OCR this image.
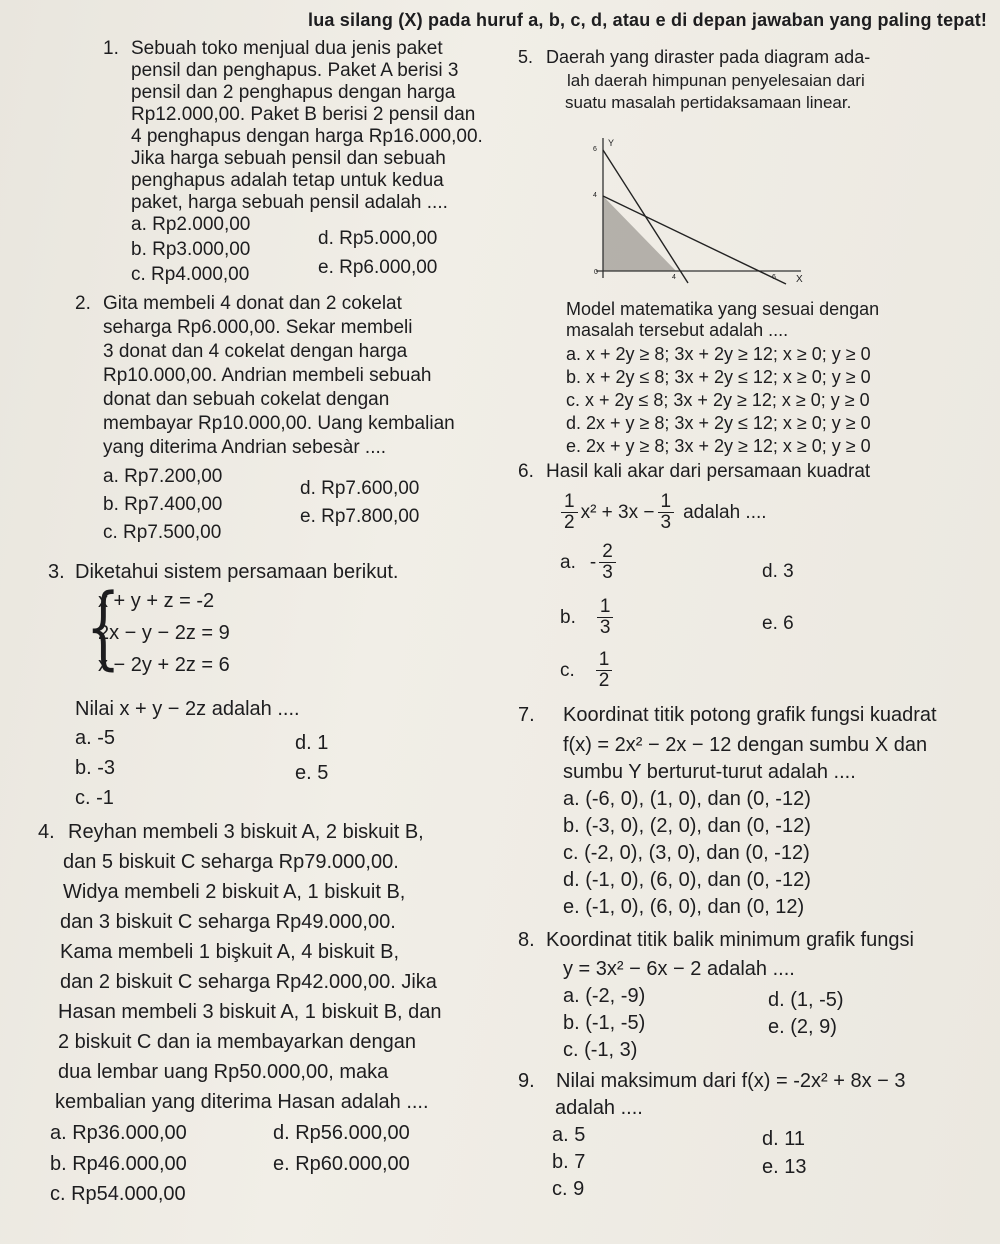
lua silang (X) pada huruf a, b, c, d, atau e di depan jawaban yang paling tepat!
1. Sebuah toko menjual dua jenis paket
pensil dan penghapus. Paket A berisi 3
pensil dan 2 penghapus dengan harga
Rp12.000,00. Paket B berisi 2 pensil dan
4 penghapus dengan harga Rp16.000,00.
Jika harga sebuah pensil dan sebuah
penghapus adalah tetap untuk kedua
paket, harga sebuah pensil adalah ....
a. Rp2.000,00
b. Rp3.000,00
c. Rp4.000,00
d. Rp5.000,00
e. Rp6.000,00
2. Gita membeli 4 donat dan 2 cokelat
seharga Rp6.000,00. Sekar membeli
3 donat dan 4 cokelat dengan harga
Rp10.000,00. Andrian membeli sebuah
donat dan sebuah cokelat dengan
membayar Rp10.000,00. Uang kembalian
yang diterima Andrian sebesàr ....
a. Rp7.200,00
b. Rp7.400,00
c. Rp7.500,00
d. Rp7.600,00
e. Rp7.800,00
3. Diketahui sistem persamaan berikut.
{
x + y + z = -2
2x − y − 2z = 9
x − 2y + 2z = 6
Nilai x + y − 2z adalah ....
a. -5
b. -3
c. -1
d. 1
e. 5
4. Reyhan membeli 3 biskuit A, 2 biskuit B,
dan 5 biskuit C seharga Rp79.000,00.
Widya membeli 2 biskuit A, 1 biskuit B,
dan 3 biskuit C seharga Rp49.000,00.
Kama membeli 1 bişkuit A, 4 biskuit B,
dan 2 biskuit C seharga Rp42.000,00. Jika
Hasan membeli 3 biskuit A, 1 biskuit B, dan
2 biskuit C dan ia membayarkan dengan
dua lembar uang Rp50.000,00, maka
kembalian yang diterima Hasan adalah ....
a. Rp36.000,00
b. Rp46.000,00
c. Rp54.000,00
d. Rp56.000,00
e. Rp60.000,00
5. Daerah yang diraster pada diagram ada-
lah daerah himpunan penyelesaian dari
suatu masalah pertidaksamaan linear.
Y
6
4
0
4	6 X
Model matematika yang sesuai dengan
masalah tersebut adalah ....
a. x + 2y ≥ 8; 3x + 2y ≥ 12; x ≥ 0; y ≥ 0
b. x + 2y ≤ 8; 3x + 2y ≤ 12; x ≥ 0; y ≥ 0
c. x + 2y ≤ 8; 3x + 2y ≥ 12; x ≥ 0; y ≥ 0
d. 2x + y ≥ 8; 3x + 2y ≤ 12; x ≥ 0; y ≥ 0
e. 2x + y ≥ 8; 3x + 2y ≥ 12; x ≥ 0; y ≥ 0
6. Hasil kali akar dari persamaan kuadrat
$\frac{1}{2} x^2 + 3x - \frac{1}{3}$ adalah ....
a. - $\frac{2}{3}$
b. $\frac{1}{3}$
c. $\frac{1}{2}$
d. 3
e. 6
7. Koordinat titik potong grafik fungsi kuadrat
f(x) = 2x² − 2x − 12 dengan sumbu X dan
sumbu Y berturut-turut adalah ....
a. (-6, 0), (1, 0), dan (0, -12)
b. (-3, 0), (2, 0), dan (0, -12)
c. (-2, 0), (3, 0), dan (0, -12)
d. (-1, 0), (6, 0), dan (0, -12)
e. (-1, 0), (6, 0), dan (0, 12)
8. Koordinat titik balik minimum grafik fungsi
y = 3x² − 6x − 2 adalah ....
a. (-2, -9)
b. (-1, -5)
c. (-1, 3)
d. (1, -5)
e. (2, 9)
9. Nilai maksimum dari f(x) = -2x² + 8x − 3
adalah ....
a. 5
b. 7
c. 9
d. 11
e. 13
